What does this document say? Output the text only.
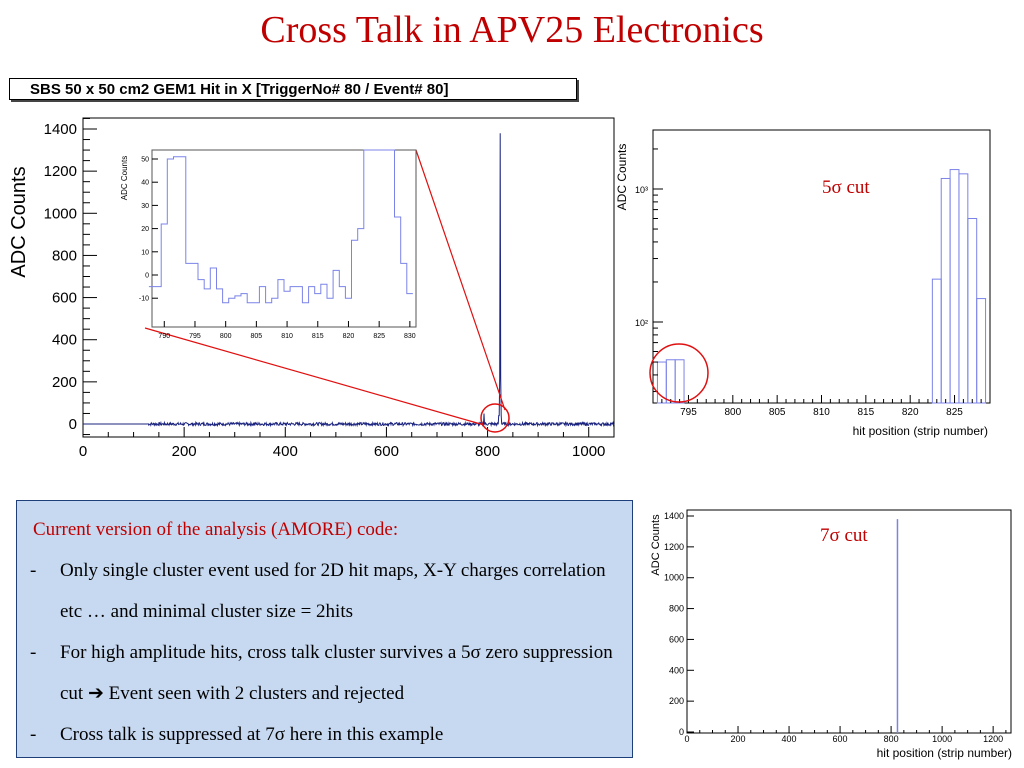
Cross Talk in APV25 Electronics
SBS 50 x 50 cm2 GEM1 Hit in X [TriggerNo# 80 / Event# 80]
0	200	400	600	800	1000
0
200
400
600
800
1000
1200
1400
ADC Counts
790	795	800	805	810	815	820	825	830
-10
0
10
20
30
40
50
ADC Counts
795	800	805	810	815	820	825
10²
10³
ADC Counts
hit position (strip number)
0	200	400	600	800	1000	1200
0
200
400
600
800
1000
1200
1400
ADC Counts
hit position (strip number)
5σ cut
7σ cut
Current version of the analysis (AMORE) code:
- Only single cluster event used for 2D hit maps, X-Y charges correlation etc … and minimal cluster size = 2hits
- For high amplitude hits, cross talk cluster survives a 5σ zero suppression cut ➔ Event seen with 2 clusters and rejected
- Cross talk is suppressed at 7σ here in this example
